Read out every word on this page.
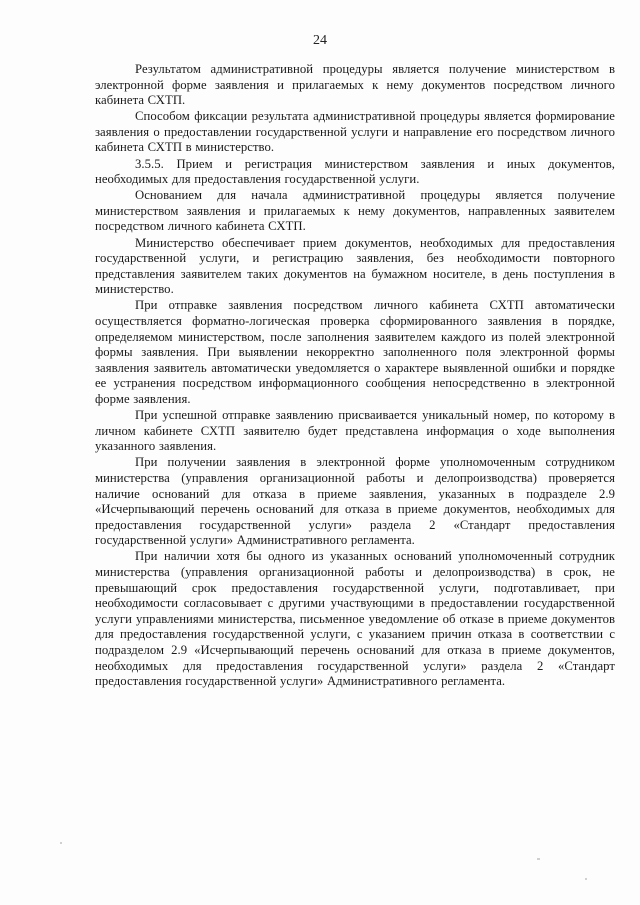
24

Результатом административной процедуры является получение министерством в электронной форме заявления и прилагаемых к нему документов посредством личного кабинета СХТП.

Способом фиксации результата административной процедуры является формирование заявления о предоставлении государственной услуги и направление его посредством личного кабинета СХТП в министерство.

3.5.5. Прием и регистрация министерством заявления и иных документов, необходимых для предоставления государственной услуги.

Основанием для начала административной процедуры является получение министерством заявления и прилагаемых к нему документов, направленных заявителем посредством личного кабинета СХТП.

Министерство обеспечивает прием документов, необходимых для предоставления государственной услуги, и регистрацию заявления, без необходимости повторного представления заявителем таких документов на бумажном носителе, в день поступления в министерство.

При отправке заявления посредством личного кабинета СХТП автоматически осуществляется форматно-логическая проверка сформированного заявления в порядке, определяемом министерством, после заполнения заявителем каждого из полей электронной формы заявления. При выявлении некорректно заполненного поля электронной формы заявления заявитель автоматически уведомляется о характере выявленной ошибки и порядке ее устранения посредством информационного сообщения непосредственно в электронной форме заявления.

При успешной отправке заявлению присваивается уникальный номер, по которому в личном кабинете СХТП заявителю будет представлена информация о ходе выполнения указанного заявления.

При получении заявления в электронной форме уполномоченным сотрудником министерства (управления организационной работы и делопроизводства) проверяется наличие оснований для отказа в приеме заявления, указанных в подразделе 2.9 «Исчерпывающий перечень оснований для отказа в приеме документов, необходимых для предоставления государственной услуги» раздела 2 «Стандарт предоставления государственной услуги» Административного регламента.

При наличии хотя бы одного из указанных оснований уполномоченный сотрудник министерства (управления организационной работы и делопроизводства) в срок, не превышающий срок предоставления государственной услуги, подготавливает, при необходимости согласовывает с другими участвующими в предоставлении государственной услуги управлениями министерства, письменное уведомление об отказе в приеме документов для предоставления государственной услуги, с указанием причин отказа в соответствии с подразделом 2.9 «Исчерпывающий перечень оснований для отказа в приеме документов, необходимых для предоставления государственной услуги» раздела 2 «Стандарт предоставления государственной услуги» Административного регламента.
